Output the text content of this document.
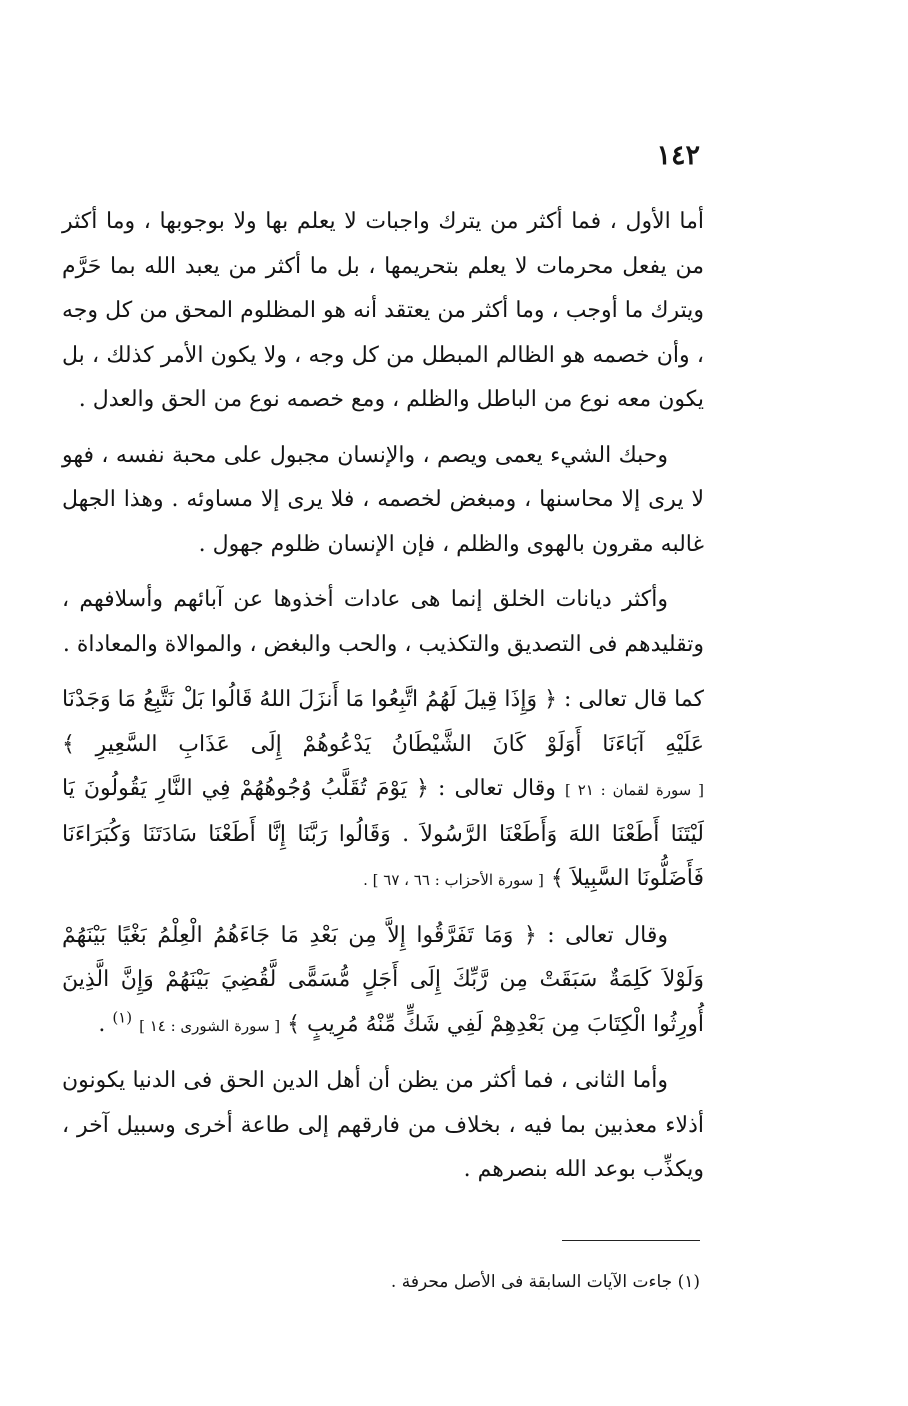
١٤٢

أما الأول ، فما أكثر من يترك واجبات لا يعلم بها ولا بوجوبها ، وما أكثر من يفعل محرمات لا يعلم بتحريمها ، بل ما أكثر من يعبد الله بما حَرَّم ويترك ما أوجب ، وما أكثر من يعتقد أنه هو المظلوم المحق من كل وجه ، وأن خصمه هو الظالم المبطل من كل وجه ، ولا يكون الأمر كذلك ، بل يكون معه نوع من الباطل والظلم ، ومع خصمه نوع من الحق والعدل .

وحبك الشيء يعمى ويصم ، والإنسان مجبول على محبة نفسه ، فهو لا يرى إلا محاسنها ، ومبغض لخصمه ، فلا يرى إلا مساوئه . وهذا الجهل غالبه مقرون بالهوى والظلم ، فإن الإنسان ظلوم جهول .

وأكثر ديانات الخلق إنما هى عادات أخذوها عن آبائهم وأسلافهم ، وتقليدهم فى التصديق والتكذيب ، والحب والبغض ، والموالاة والمعاداة .

كما قال تعالى : ﴿ وَإِذَا قِيلَ لَهُمُ اتَّبِعُوا مَا أَنزَلَ اللهُ قَالُوا بَلْ نَتَّبِعُ مَا وَجَدْنَا عَلَيْهِ آبَاءَنَا أَوَلَوْ كَانَ الشَّيْطَانُ يَدْعُوهُمْ إِلَى عَذَابِ السَّعِيرِ ﴾ [ سورة لقمان : ٢١ ] وقال تعالى : ﴿ يَوْمَ تُقَلَّبُ وُجُوهُهُمْ فِي النَّارِ يَقُولُونَ يَا لَيْتَنَا أَطَعْنَا اللهَ وَأَطَعْنَا الرَّسُولاَ . وَقَالُوا رَبَّنَا إِنَّا أَطَعْنَا سَادَتَنَا وَكُبَرَاءَنَا فَأَضَلُّونَا السَّبِيلاَ ﴾ [ سورة الأحزاب : ٦٦ ، ٦٧ ] .

وقال تعالى : ﴿ وَمَا تَفَرَّقُوا إِلاَّ مِن بَعْدِ مَا جَاءَهُمُ الْعِلْمُ بَغْيًا بَيْنَهُمْ وَلَوْلاَ كَلِمَةٌ سَبَقَتْ مِن رَّبِّكَ إِلَى أَجَلٍ مُّسَمًّى لَّقُضِيَ بَيْنَهُمْ وَإِنَّ الَّذِينَ أُورِثُوا الْكِتَابَ مِن بَعْدِهِمْ لَفِي شَكٍّ مِّنْهُ مُرِيبٍ ﴾ [ سورة الشورى : ١٤ ] $^{(١)}$ .

وأما الثانى ، فما أكثر من يظن أن أهل الدين الحق فى الدنيا يكونون أذلاء معذبين بما فيه ، بخلاف من فارقهم إلى طاعة أخرى وسبيل آخر ، ويكذِّب بوعد الله بنصرهم .

(١) جاءت الآيات السابقة فى الأصل محرفة .
